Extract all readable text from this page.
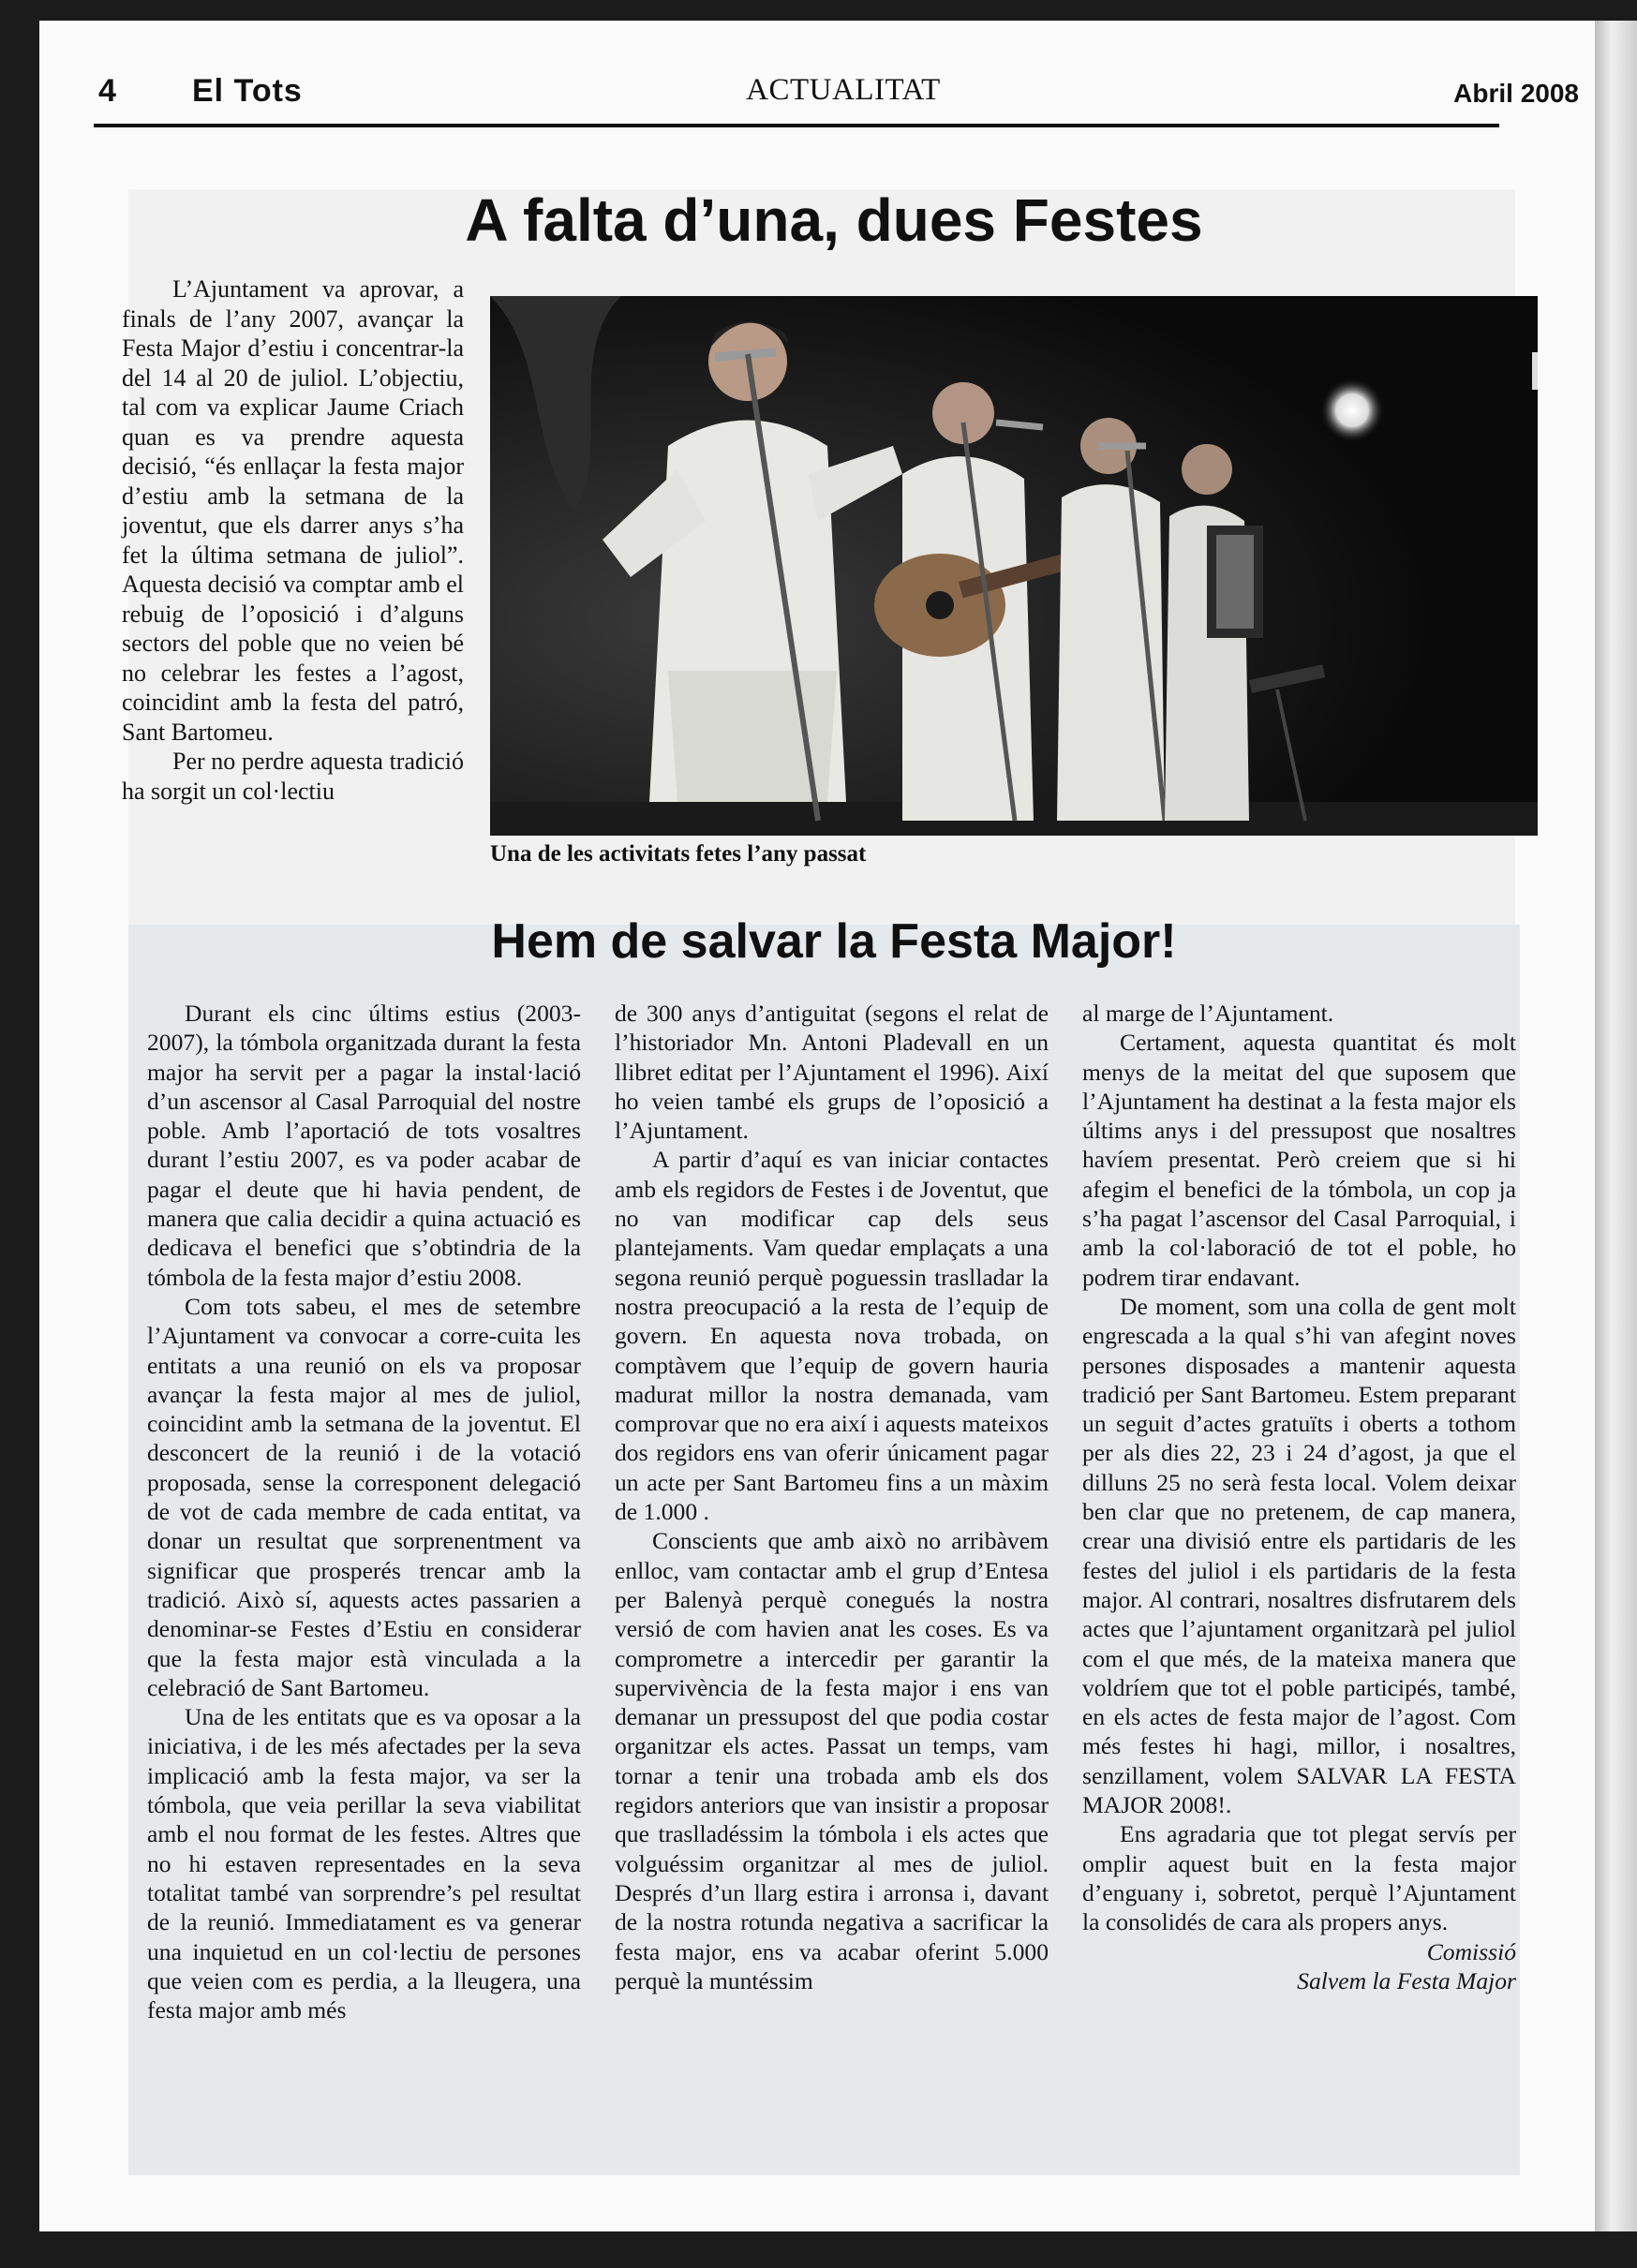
4 El Tots	ACTUALITAT	Abril 2008
A falta d’una, dues Festes

L’Ajuntament va aprovar, a finals de l’any 2007, avançar la Festa Major d’estiu i concentrar-la del 14 al 20 de juliol. L’objectiu, tal com va explicar Jaume Criach quan es va prendre aquesta decisió, “és enllaçar la festa major d’estiu amb la setmana de la joventut, que els darrer anys s’ha fet la última setmana de juliol”. Aquesta decisió va comptar amb el rebuig de l’oposició i d’alguns sectors del poble que no veien bé no celebrar les festes a l’agost, coincidint amb la festa del patró, Sant Bartomeu.

Per no perdre aquesta tradició ha sorgit un col·lectiu

Una de les activitats fetes l’any passat
Hem de salvar la Festa Major!

Durant els cinc últims estius (2003-2007), la tómbola organitzada durant la festa major ha servit per a pagar la instal·lació d’un ascensor al Casal Parroquial del nostre poble. Amb l’aportació de tots vosaltres durant l’estiu 2007, es va poder acabar de pagar el deute que hi havia pendent, de manera que calia decidir a quina actuació es dedicava el benefici que s’obtindria de la tómbola de la festa major d’estiu 2008.

Com tots sabeu, el mes de setembre l’Ajuntament va convocar a corre-cuita les entitats a una reunió on els va proposar avançar la festa major al mes de juliol, coincidint amb la setmana de la joventut. El desconcert de la reunió i de la votació proposada, sense la corresponent delegació de vot de cada membre de cada entitat, va donar un resultat que sorprenentment va significar que prosperés trencar amb la tradició. Això sí, aquests actes passarien a denominar-se Festes d’Estiu en considerar que la festa major està vinculada a la celebració de Sant Bartomeu.

Una de les entitats que es va oposar a la iniciativa, i de les més afectades per la seva implicació amb la festa major, va ser la tómbola, que veia perillar la seva viabilitat amb el nou format de les festes. Altres que no hi estaven representades en la seva totalitat també van sorprendre’s pel resultat de la reunió. Immediatament es va generar una inquietud en un col·lectiu de persones que veien com es perdia, a la lleugera, una festa major amb més

de 300 anys d’antiguitat (segons el relat de l’historiador Mn. Antoni Pladevall en un llibret editat per l’Ajuntament el 1996). Així ho veien també els grups de l’oposició a l’Ajuntament.

A partir d’aquí es van iniciar contactes amb els regidors de Festes i de Joventut, que no van modificar cap dels seus plantejaments. Vam quedar emplaçats a una segona reunió perquè poguessin traslladar la nostra preocupació a la resta de l’equip de govern. En aquesta nova trobada, on comptàvem que l’equip de govern hauria madurat millor la nostra demanada, vam comprovar que no era així i aquests mateixos dos regidors ens van oferir únicament pagar un acte per Sant Bartomeu fins a un màxim de 1.000 .

Conscients que amb això no arribàvem enlloc, vam contactar amb el grup d’Entesa per Balenyà perquè conegués la nostra versió de com havien anat les coses. Es va comprometre a intercedir per garantir la supervivència de la festa major i ens van demanar un pressupost del que podia costar organitzar els actes. Passat un temps, vam tornar a tenir una trobada amb els dos regidors anteriors que van insistir a proposar que traslladéssim la tómbola i els actes que volguéssim organitzar al mes de juliol. Després d’un llarg estira i arronsa i, davant de la nostra rotunda negativa a sacrificar la festa major, ens va acabar oferint 5.000 perquè la muntéssim

al marge de l’Ajuntament.

Certament, aquesta quantitat és molt menys de la meitat del que suposem que l’Ajuntament ha destinat a la festa major els últims anys i del pressupost que nosaltres havíem presentat. Però creiem que si hi afegim el benefici de la tómbola, un cop ja s’ha pagat l’ascensor del Casal Parroquial, i amb la col·laboració de tot el poble, ho podrem tirar endavant.

De moment, som una colla de gent molt engrescada a la qual s’hi van afegint noves persones disposades a mantenir aquesta tradició per Sant Bartomeu. Estem preparant un seguit d’actes gratuïts i oberts a tothom per als dies 22, 23 i 24 d’agost, ja que el dilluns 25 no serà festa local. Volem deixar ben clar que no pretenem, de cap manera, crear una divisió entre els partidaris de les festes del juliol i els partidaris de la festa major. Al contrari, nosaltres disfrutarem dels actes que l’ajuntament organitzarà pel juliol com el que més, de la mateixa manera que voldríem que tot el poble participés, també, en els actes de festa major de l’agost. Com més festes hi hagi, millor, i nosaltres, senzillament, volem SALVAR LA FESTA MAJOR 2008!.

Ens agradaria que tot plegat servís per omplir aquest buit en la festa major d’enguany i, sobretot, perquè l’Ajuntament la consolidés de cara als propers anys.

Comissió

Salvem la Festa Major
